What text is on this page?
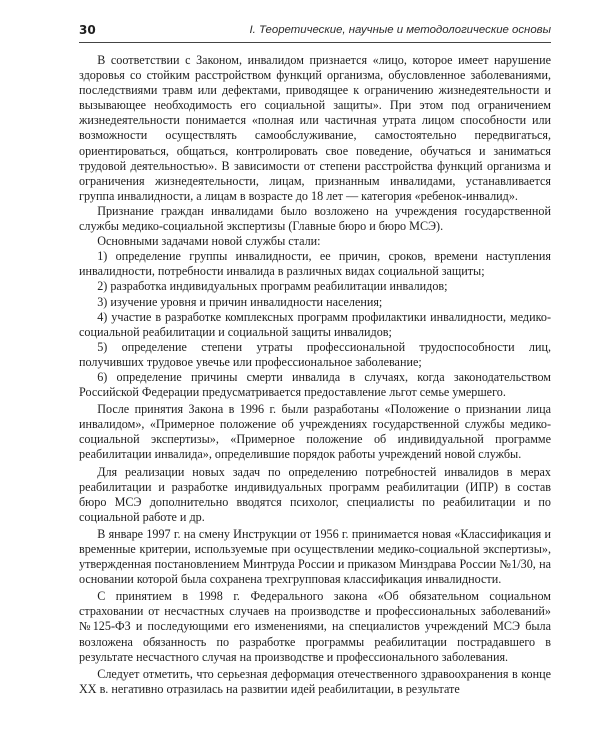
30	I. Теоретические, научные и методологические основы

В соответствии с Законом, инвалидом признается «лицо, которое имеет нарушение здоровья со стойким расстройством функций организма, обусловленное заболеваниями, последствиями травм или дефектами, приводящее к ограничению жизнедеятельности и вызывающее необходимость его социальной защиты». При этом под ограничением жизнедеятельности понимается «полная или частичная утрата лицом способности или возможности осуществлять самообслуживание, самостоятельно передвигаться, ориентироваться, общаться, контролировать свое поведение, обучаться и заниматься трудовой деятельностью». В зависимости от степени расстройства функций организма и ограничения жизнедеятельности, лицам, признанным инвалидами, устанавливается группа инвалидности, а лицам в возрасте до 18 лет — категория «ребенок-инвалид».

Признание граждан инвалидами было возложено на учреждения государственной службы медико-социальной экспертизы (Главные бюро и бюро МСЭ).

Основными задачами новой службы стали:

1) определение группы инвалидности, ее причин, сроков, времени наступления инвалидности, потребности инвалида в различных видах социальной защиты;

2) разработка индивидуальных программ реабилитации инвалидов;

3) изучение уровня и причин инвалидности населения;

4) участие в разработке комплексных программ профилактики инвалидности, медико-социальной реабилитации и социальной защиты инвалидов;

5) определение степени утраты профессиональной трудоспособности лиц, получивших трудовое увечье или профессиональное заболевание;

6) определение причины смерти инвалида в случаях, когда законодательством Российской Федерации предусматривается предоставление льгот семье умершего.

После принятия Закона в 1996 г. были разработаны «Положение о признании лица инвалидом», «Примерное положение об учреждениях государственной службы медико-социальной экспертизы», «Примерное положение об индивидуальной программе реабилитации инвалида», определившие порядок работы учреждений новой службы.

Для реализации новых задач по определению потребностей инвалидов в мерах реабилитации и разработке индивидуальных программ реабилитации (ИПР) в состав бюро МСЭ дополнительно вводятся психолог, специалисты по реабилитации и по социальной работе и др.

В январе 1997 г. на смену Инструкции от 1956 г. принимается новая «Классификация и временные критерии, используемые при осуществлении медико-социальной экспертизы», утвержденная постановлением Минтруда России и приказом Минздрава России №1/30, на основании которой была сохранена трехгрупповая классификация инвалидности.

С принятием в 1998 г. Федерального закона «Об обязательном социальном страховании от несчастных случаев на производстве и профессиональных заболеваний» №125-ФЗ и последующими его изменениями, на специалистов учреждений МСЭ была возложена обязанность по разработке программы реабилитации пострадавшего в результате несчастного случая на производстве и профессионального заболевания.

Следует отметить, что серьезная деформация отечественного здравоохранения в конце XX в. негативно отразилась на развитии идей реабилитации, в результате
